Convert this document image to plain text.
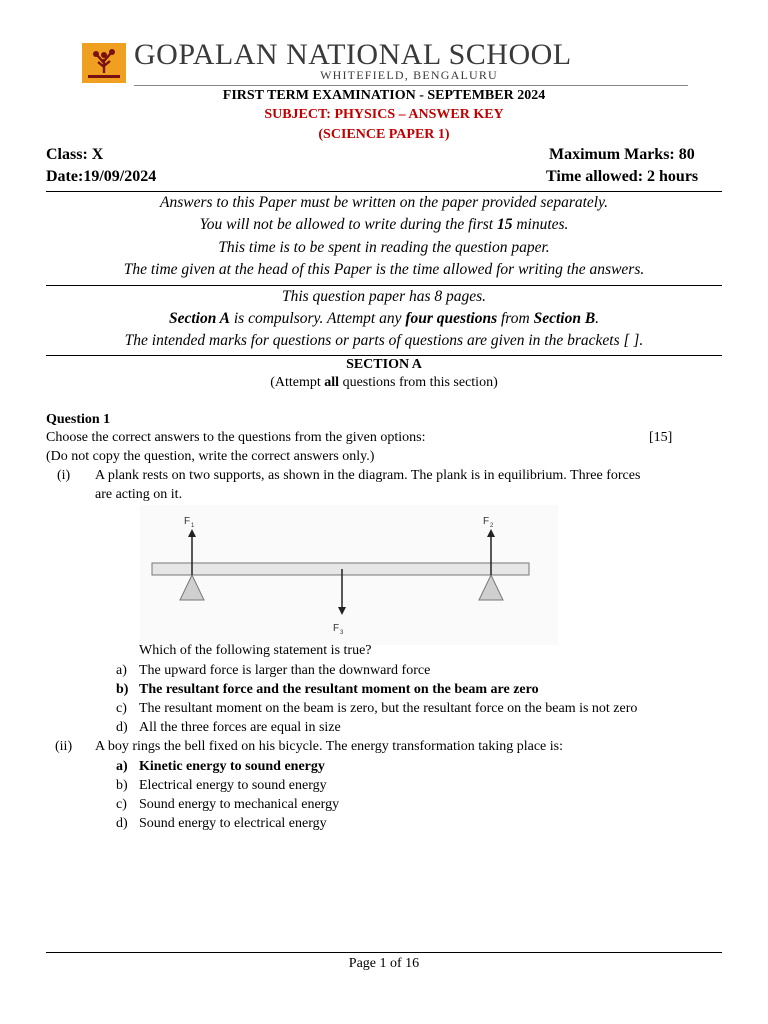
GOPALAN NATIONAL SCHOOL
WHITEFIELD, BENGALURU
FIRST TERM EXAMINATION - SEPTEMBER 2024
SUBJECT: PHYSICS – ANSWER KEY
(SCIENCE PAPER 1)
Class: X	Maximum Marks: 80
Date:19/09/2024	Time allowed: 2 hours
Answers to this Paper must be written on the paper provided separately.
You will not be allowed to write during the first 15 minutes.
This time is to be spent in reading the question paper.
The time given at the head of this Paper is the time allowed for writing the answers.
This question paper has 8 pages.
Section A is compulsory. Attempt any four questions from Section B.
The intended marks for questions or parts of questions are given in the brackets [ ].
SECTION A
(Attempt all questions from this section)
Question 1
Choose the correct answers to the questions from the given options:	[15]
(Do not copy the question, write the correct answers only.)
(i) A plank rests on two supports, as shown in the diagram. The plank is in equilibrium. Three forces
are acting on it.
F 1	F 2
F 3
Which of the following statement is true?
a) The upward force is larger than the downward force
b) The resultant force and the resultant moment on the beam are zero
c) The resultant moment on the beam is zero, but the resultant force on the beam is not zero
d) All the three forces are equal in size
(ii) A boy rings the bell fixed on his bicycle. The energy transformation taking place is:
a) Kinetic energy to sound energy
b) Electrical energy to sound energy
c) Sound energy to mechanical energy
d) Sound energy to electrical energy
Page 1 of 16
